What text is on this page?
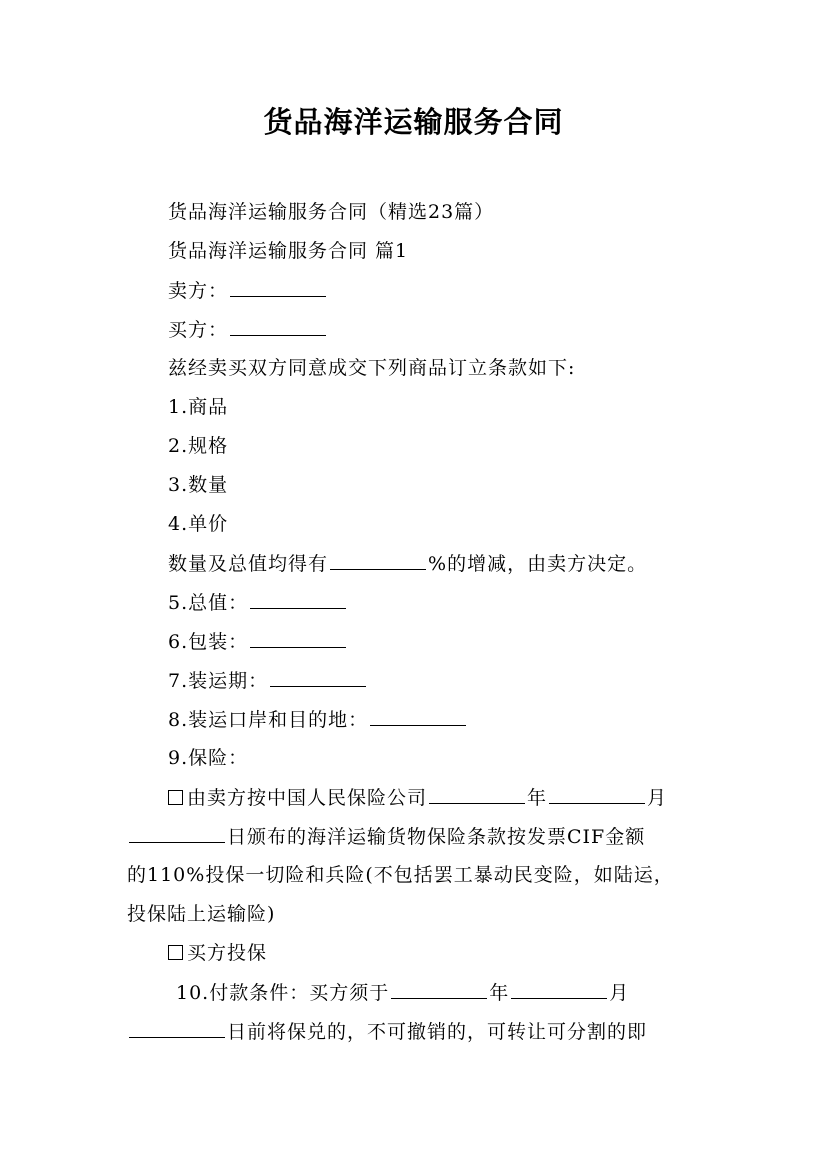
货品海洋运输服务合同
货品海洋运输服务合同（精选23篇）
货品海洋运输服务合同 篇1
卖方：
买方：
兹经卖买双方同意成交下列商品订立条款如下:
1.商品
2.规格
3.数量
4.单价
数量及总值均得有	%的增减，由卖方决定。
5.总值：
6.包装：
7.装运期：
8.装运口岸和目的地：
9.保险：
由卖方按中国人民保险公司	年	月
日颁布的海洋运输货物保险条款按发票CIF金额
的110%投保一切险和兵险(不包括罢工暴动民变险，如陆运，
投保陆上运输险)
买方投保
10.付款条件：买方须于	年	月
日前将保兑的，不可撤销的，可转让可分割的即
